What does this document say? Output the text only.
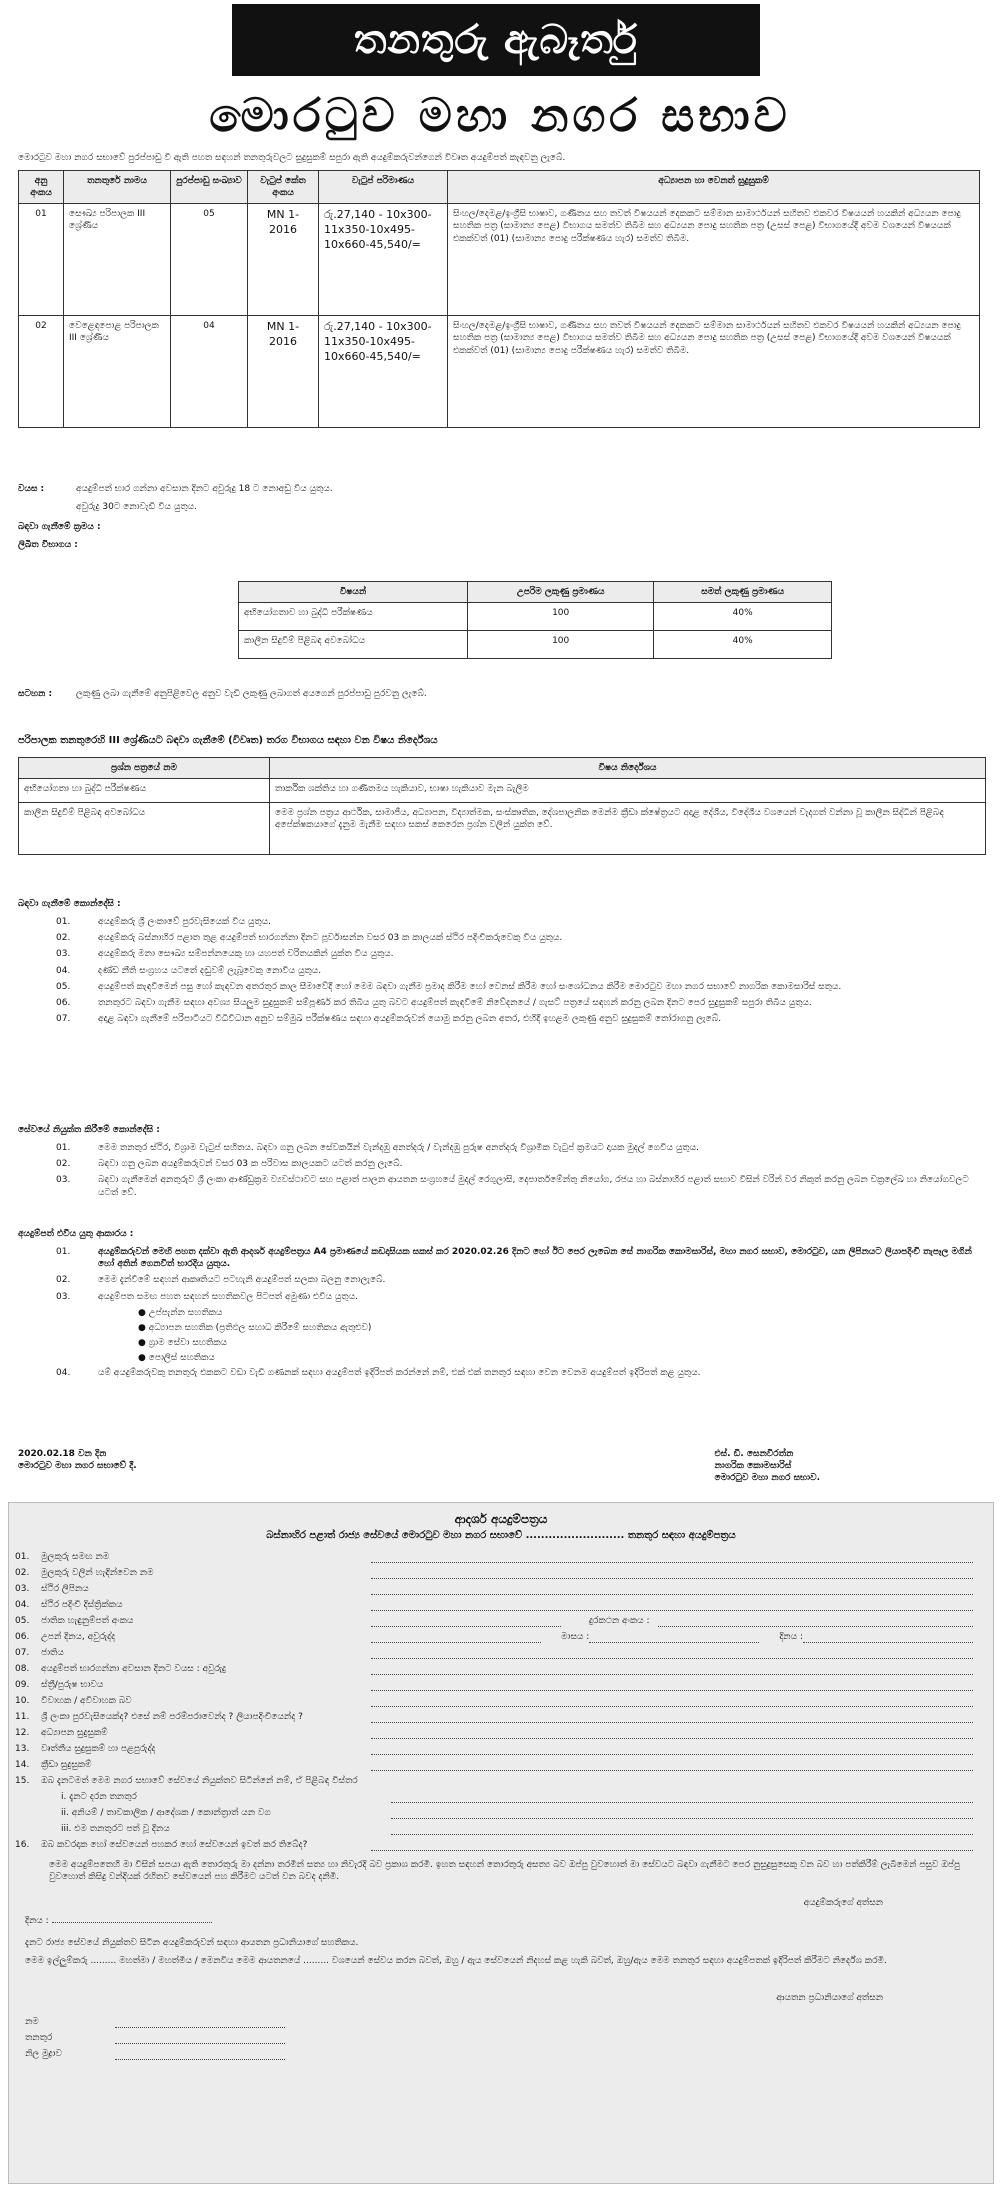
තනතුරු ඇබෑර්තු
මොරටුව මහා නගර සභාව
මොරටුව මහා නගර සභාවේ පුරප්පාඩු වී ඇති පහත සඳහන් තනතුරුවලට සුදුසුකම් සපුරා ඇති අයදුම්කරුවන්ගෙන් විවෘත අයදුම්පත් කැඳවනු ලැබේ.
අනු අංකය	තනතුරේ නාමය	පුරප්පාඩු සංඛ්‍යාව	වැටුප් කේත අංකය	වැටුප් පරිමාණය	අධ්‍යාපන හා වෙනත් සුදුසුකම්
01	සෞඛ්‍ය පරිපාලක III ශ්‍රේණිය	05	MN 1-2016	රු.27,140 - 10x300-11x350-10x495-10x660-45,540/=	සිංහල/දෙමළ/ඉංග්‍රීසි භාෂාව, ගණිතය සහ තවත් විෂයයන් දෙකකට සම්මාන සාමාර්ථයන් සහිතව එකවර විෂයයන් හයකින් අධ්‍යයන පොදු සහතික පත්‍ර (සාමාන්‍ය පෙළ) විභාගය සමත්ව තිබීම සහ අධ්‍යයන පොදු සහතික පත්‍ර (උසස් පෙළ) විභාගයේදී අවම වශයෙන් විෂයයක් එකක්වත් (01) (සාමාන්‍ය පොදු පරීක්ෂණය හැර) සමත්ව තිබීම.
02	වෙළෙඳපොළ පරිපාලක III ශ්‍රේණිය	04	MN 1-2016	රු.27,140 - 10x300-11x350-10x495-10x660-45,540/=	සිංහල/දෙමළ/ඉංග්‍රීසි භාෂාව, ගණිතය සහ තවත් විෂයයන් දෙකකට සම්මාන සාමාර්ථයන් සහිතව එකවර විෂයයන් හයකින් අධ්‍යයන පොදු සහතික පත්‍ර (සාමාන්‍ය පෙළ) විභාගය සමත්ව තිබීම සහ අධ්‍යයන පොදු සහතික පත්‍ර (උසස් පෙළ) විභාගයේදී අවම වශයෙන් විෂයයක් එකක්වත් (01) (සාමාන්‍ය පොදු පරීක්ෂණය හැර) සමත්ව තිබීම.
වයස :	අයදුම්පත් භාර ගන්නා අවසාන දිනට අවුරුදු 18 ට නොඅඩු විය යුතුය.
අවුරුදු 30ට නොවැඩි විය යුතුය.
බඳවා ගැනීමේ ක්‍රමය :
ලිඛිත විභාගය :
විෂයන්	උපරිම ලකුණු ප්‍රමාණය	සමත් ලකුණු ප්‍රමාණය
අභියෝගතාව හා බුද්ධි පරීක්ෂණය	100	40%
කාලීන සිදුවීම් පිළිබඳ අවබෝධය	100	40%
සටහන :	ලකුණු ලබා ගැනීමේ අනුපිළිවෙල අනුව වැඩි ලකුණු ලබාගත් අයගෙන් පුරප්පාඩු පුරවනු ලැබේ.
පරිපාලක තනතුරෙහි III ශ්‍රේණියට බඳවා ගැනීමේ (විවෘත) තරග විභාගය සඳහා වන විෂය නිර්දේශය
ප්‍රශ්න පත්‍රයේ නම	විෂය නිර්දේශය
අභියෝගතා හා බුද්ධි පරීක්ෂණය	තාර්කික ශක්තිය හා ගණිතමය හැකියාව, භාෂා හැකියාව මැන බැලීම
කාලීන සිදුවීම් පිළිබඳ අවබෝධය	මෙම ප්‍රශ්න පත්‍රය ආර්ථික, සාමාජීය, අධ්‍යාපන, විද්‍යාත්මක, සංස්කෘතික, දේශපාලනික මෙන්ම ක්‍රීඩා ක්ෂේත්‍රයට අදාළ දේශීය, විදේශීය වශයෙන් වැදගත් වන්නා වූ කාලීන සිද්ධීන් පිළිබඳ අපේක්ෂකයාගේ දැනුම මැනීම සඳහා සකස් කෙරෙන ප්‍රශ්න වලින් යුක්ත වේ.
බඳවා ගැනීමේ කොන්දේසි :
01.	අයදුම්කරු ශ්‍රී ලංකාවේ පුරවැසියෙක් විය යුතුය.
02.	අයදුම්කරු බස්නාහිර පළාත තුළ අයදුම්පත් භාරගන්නා දිනට පූර්වාසන්න වසර 03 ක කාලයක් ස්ථිර පදිංචිකරුවෙකු විය යුතුය.
03.	අයදුම්කරු මනා සෞඛ්‍ය සම්පන්නයෙකු හා යහපත් චරිතයකින් යුක්ත විය යුතුය.
04.	දණ්ඩ නීති සංග්‍රහය යටතේ දඬුවම් ලැබූවෙකු නොවිය යුතුය.
05.	අයදුම්පත් කැඳවීමෙන් පසු හෝ කැඳවන අතරතුර කාල සීමාවේදී හෝ මෙම බඳවා ගැනීම ප්‍රමාද කිරීම හෝ වෙනස් කිරීම හෝ සංශෝධනය කිරීම මොරටුව මහා නගර සභාවේ නාගරික කොමසාරිස් සතුය.
06.	තනතුරට බඳවා ගැනීම සඳහා අවශ්‍ය සියලුම සුදුසුකම් සම්පූර්ණ කර තිබිය යුතු බවට අයදුම්පත් කැඳවීමේ නිවේදනයේ / ගැසට් පත්‍රයේ සඳහන් කරනු ලබන දිනට පෙර සුදුසුකම් සපුරා තිබිය යුතුය.
07.	අදාළ බඳවා ගැනීමේ පරිපාටියට විධිවිධාන අනුව සම්මුඛ පරීක්ෂණය සඳහා අයදුම්කරුවන් යොමු කරනු ලබන අතර, එහිදී ඉහළම ලකුණු අනුව සුදුසුකම් තෝරාගනු ලැබේ.
සේවයේ නියුක්ත කිරීමේ කොන්දේසි :
01.	මෙම තනතුර ස්ථිර, විශ්‍රාම වැටුප් සහිතය. බඳවා ගනු ලබන සේවකයින් වැන්දඹු අනත්දරු / වැන්දඹු පුරුෂ අනත්දරු විශ්‍රාමික වැටුප් ක්‍රමයට දායක මුදල් ගෙවිය යුතුය.
02.	බඳවා ගනු ලබන අයදුම්කරුවන් වසර 03 ක පරිවාස කාලයකට යටත් කරනු ලැබේ.
03.	බඳවා ගැනීමෙන් අනතුරුව ශ්‍රී ලංකා ආණ්ඩුක්‍රම ව්‍යවස්ථාවට සහ පළාත් පාලන ආයතන සංග්‍රහයේ මුදල් රෙගුලාසි, දෙපාර්තමේන්තු නියෝග, රජය හා බස්නාහිර පළාත් සභාව විසින් වරින් වර නිකුත් කරනු ලබන චක්‍රලේඛ හා නියෝගවලට යටත් වේ.
අයදුම්පත් එවිය යුතු ආකාරය :
01.	අයදුම්කරුවන් මෙහි පහත දක්වා ඇති ආදර්ශ අයදුම්පත්‍රය A4 ප්‍රමාණයේ කඩදාසියක සකස් කර 2020.02.26 දිනට හෝ ඊට පෙර ලැබෙන සේ නාගරික කොමසාරිස්, මහා නගර සභාව, මොරටුව, යන ලිපිනයට ලියාපදිංචි තැපෑල මගින් හෝ අතින් ගෙනවිත් භාරදිය යුතුය.
02.	මෙම දැන්වීමේ සඳහන් ආකෘතියට පටහැනි අයදුම්පත් සලකා බලනු නොලැබේ.
03.	අයදුම්පත සමඟ පහත සඳහන් සහතිකවල පිටපත් අමුණා එවිය යුතුය.
● උප්පැන්න සහතිකය
● අධ්‍යාපන සහතික (ප්‍රතිඵල සහාධ කිරීමේ සහතිකය ඇතුළුව)
● ග්‍රාම සේවා සහතිකය
● පොලිස් සහතිකය
04.	යම් අයදුම්කරුවකු තනතුරු එකකට වඩා වැඩි ගණනක් සඳහා අයදුම්පත් ඉදිරිපත් කරන්නේ නම්, එක් එක් තනතුර සඳහා වෙන වෙනම අයදුම්පත් ඉදිරිපත් කළ යුතුය.
2020.02.18 වන දින
මොරටුව මහා නගර සභාවේ දී.
එස්. ඩී. සෙනවිරත්න
නාගරික කොමසාරිස්
මොරටුව මහා නගර සභාව.
ආදර්ශ අයදුම්පත්‍රය
බස්නාහිර පළාත් රාජ්‍ය සේවයේ මොරටුව මහා නගර සභාවේ .......................... තනතුර සඳහා අයදුම්පත්‍රය
01.	මුලකුරු සමඟ නම
02.	මුලකුරු වලින් හැඳින්වෙන නම
03.	ස්ථිර ලිපිනය
04.	ස්ථිර පදිංචි දිස්ත්‍රික්කය
05.	ජාතික හැඳුනුම්පත් අංකය	දුරකථන අංකය :
06.	උපන් දිනය, අවුරුද්ද	මාසය :	දිනය :
07.	ජාතිය
08.	අයදුම්පත් භාරගන්නා අවසාන දිනට වයස : අවුරුදු
09.	ස්ත්‍රී/පුරුෂ භාවය
10.	විවාහක / අවිවාහක බව
11.	ශ්‍රී ලංකා පුරවැසියෙක්ද? එසේ නම් පරම්පරාවෙන්ද ? ලියාපදිංචියෙන්ද ?
12.	අධ්‍යාපන සුදුසුකම්
13.	වෘත්තීය සුදුසුකම් හා පළපුරුද්ද
14.	ක්‍රීඩා සුදුසුකම්
15.	ඔබ දැනටමත් මෙම නගර සභාවේ සේවයේ නියුක්තව සිටින්නේ නම්, ඒ පිළිබඳ විස්තර
i. දැනට දරන තනතුර
ii. අනියම් / තාවකාලික / ආදේශක / කොන්ත්‍රාත් යන වග
iii. එම තනතුරට පත් වූ දිනය
16.	ඔබ කවරදාක හෝ සේවයෙන් පහකර හෝ සේවයෙන් ඉවත් කර තිබේද?
මෙම අයදුම්පතෙහි මා විසින් සපයා ඇති තොරතුරු මා දන්නා තරමින් සත්‍ය හා නිවැරදි බව ප්‍රකාශ කරමි. ඉහත සඳහන් තොරතුරු අසත්‍ය බව ඔප්පු වුවහොත් මා සේවයට බඳවා ගැනීමට පෙර නුසුදුසුසෙකු වන බව හා පත්කිරීම් ලැබීමෙන් පසුව ඔප්පු වුවහොත් කිසිදු වන්දියක් රහිතව සේවයෙන් පහ කිරීමට යටත් වන බවද දනිමි.
අයදුම්කරුගේ අත්සන
දිනය :
දැනට රාජ්‍ය සේවයේ නියුක්තව සිටින අයදුම්කරුවන් සඳහා ආයතන ප්‍රධානියාගේ සහතිකය.
මෙම ඉල්ලුම්කරු ......... මහත්මා / මහත්මිය / මෙනවිය මෙම ආයතනයේ ......... වශයෙන් සේවය කරන බවත්, ඔහු / ඇය සේවයෙන් නිදහස් කළ හැකි බවත්, ඔහු/ඇය මෙම තනතුර සඳහා අයදුම්පතක් ඉදිරිපත් කිරීමට නිර්දේශ කරමි.
ආයතන ප්‍රධානියාගේ අත්සන
නම
තනතුර
නිල මුද්‍රාව
